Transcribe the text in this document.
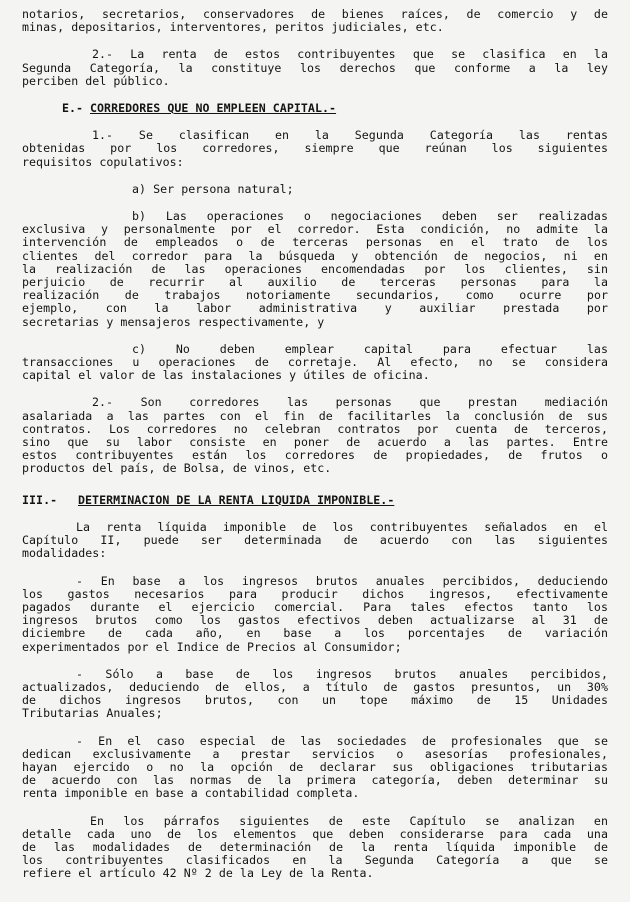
notarios, secretarios, conservadores de bienes raíces, de comercio y de
minas, depositarios, interventores, peritos judiciales, etc.

2.- La renta de estos contribuyentes que se clasifica en la
Segunda Categoría, la constituye los derechos que conforme a la ley
perciben del público.

E.- CORREDORES QUE NO EMPLEEN CAPITAL.-

1.- Se clasifican en la Segunda Categoría las rentas
obtenidas por los corredores, siempre que reúnan los siguientes
requisitos copulativos:

a) Ser persona natural;

b) Las operaciones o negociaciones deben ser realizadas
exclusiva y personalmente por el corredor. Esta condición, no admite la
intervención de empleados o de terceras personas en el trato de los
clientes del corredor para la búsqueda y obtención de negocios, ni en
la realización de las operaciones encomendadas por los clientes, sin
perjuicio de recurrir al auxilio de terceras personas para la
realización de trabajos notoriamente secundarios, como ocurre por
ejemplo, con la labor administrativa y auxiliar prestada por
secretarias y mensajeros respectivamente, y

c) No deben emplear capital para efectuar las
transacciones u operaciones de corretaje. Al efecto, no se considera
capital el valor de las instalaciones y útiles de oficina.

2.- Son corredores las personas que prestan mediación
asalariada a las partes con el fin de facilitarles la conclusión de sus
contratos. Los corredores no celebran contratos por cuenta de terceros,
sino que su labor consiste en poner de acuerdo a las partes. Entre
estos contribuyentes están los corredores de propiedades, de frutos o
productos del país, de Bolsa, de vinos, etc.

III.-	DETERMINACION DE LA RENTA LIQUIDA IMPONIBLE.-

La renta líquida imponible de los contribuyentes señalados en el
Capítulo II, puede ser determinada de acuerdo con las siguientes
modalidades:

- En base a los ingresos brutos anuales percibidos, deduciendo
los gastos necesarios para producir dichos ingresos, efectivamente
pagados durante el ejercicio comercial. Para tales efectos tanto los
ingresos brutos como los gastos efectivos deben actualizarse al 31 de
diciembre de cada año, en base a los porcentajes de variación
experimentados por el Indice de Precios al Consumidor;

- Sólo a base de los ingresos brutos anuales percibidos,
actualizados, deduciendo de ellos, a título de gastos presuntos, un 30%
de dichos ingresos brutos, con un tope máximo de 15 Unidades
Tributarias Anuales;

- En el caso especial de las sociedades de profesionales que se
dedican exclusivamente a prestar servicios o asesorías profesionales,
hayan ejercido o no la opción de declarar sus obligaciones tributarias
de acuerdo con las normas de la primera categoría, deben determinar su
renta imponible en base a contabilidad completa.

En los párrafos siguientes de este Capítulo se analizan en
detalle cada uno de los elementos que deben considerarse para cada una
de las modalidades de determinación de la renta líquida imponible de
los contribuyentes clasificados en la Segunda Categoría a que se
refiere el artículo 42 Nº 2 de la Ley de la Renta.
